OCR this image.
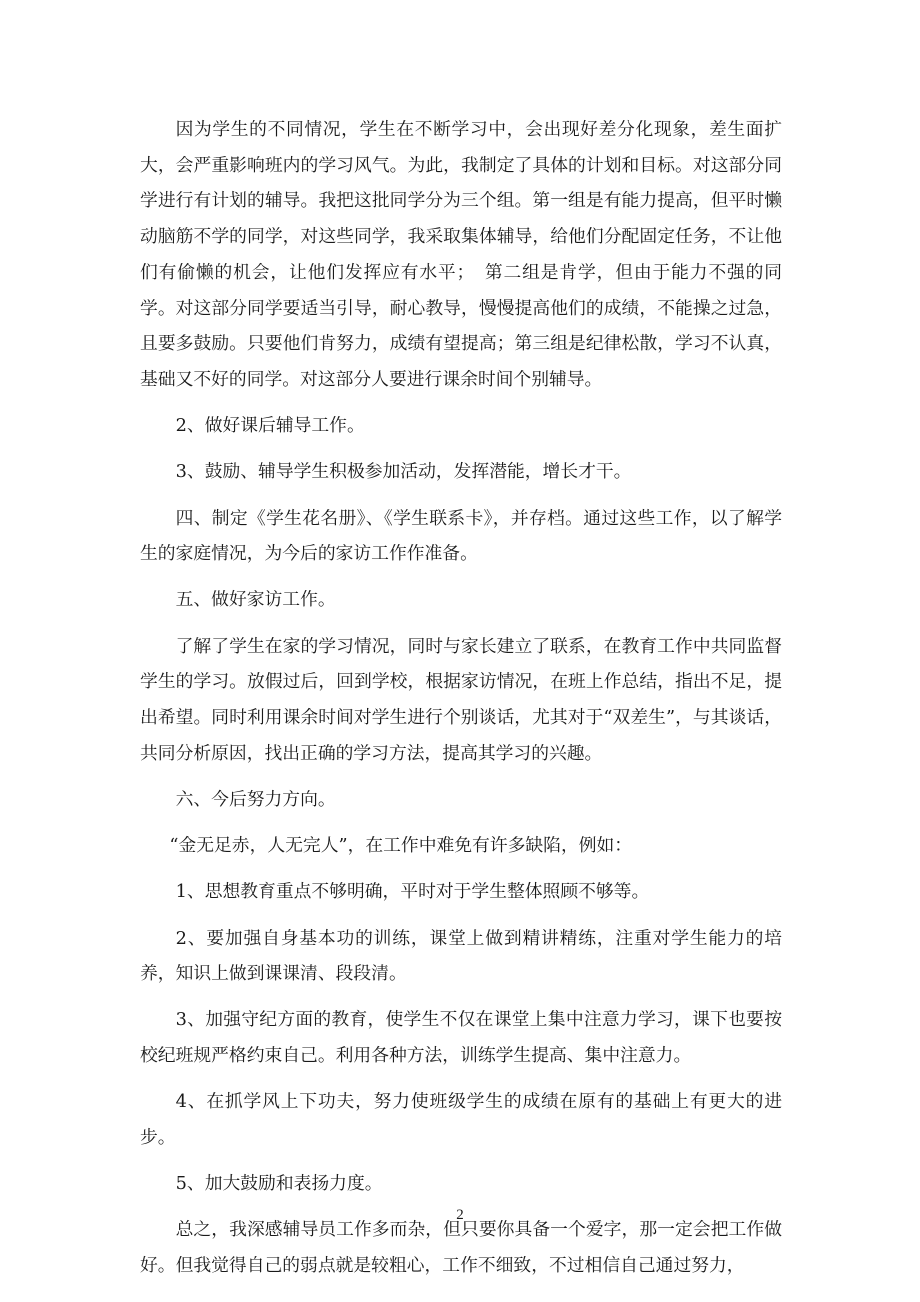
因为学生的不同情况，学生在不断学习中，会出现好差分化现象，差生面扩大，会严重影响班内的学习风气。为此，我制定了具体的计划和目标。对这部分同学进行有计划的辅导。我把这批同学分为三个组。第一组是有能力提高，但平时懒动脑筋不学的同学，对这些同学，我采取集体辅导，给他们分配固定任务，不让他们有偷懒的机会，让他们发挥应有水平；　第二组是肯学，但由于能力不强的同学。对这部分同学要适当引导，耐心教导，慢慢提高他们的成绩，不能操之过急，且要多鼓励。只要他们肯努力，成绩有望提高；第三组是纪律松散，学习不认真，基础又不好的同学。对这部分人要进行课余时间个别辅导。

2、做好课后辅导工作。

3、鼓励、辅导学生积极参加活动，发挥潜能，增长才干。

四、制定《学生花名册》、《学生联系卡》，并存档。通过这些工作，以了解学生的家庭情况，为今后的家访工作作准备。

五、做好家访工作。

了解了学生在家的学习情况，同时与家长建立了联系，在教育工作中共同监督学生的学习。放假过后，回到学校，根据家访情况，在班上作总结，指出不足，提出希望。同时利用课余时间对学生进行个别谈话，尤其对于“双差生”，与其谈话，共同分析原因，找出正确的学习方法，提高其学习的兴趣。

六、今后努力方向。

“金无足赤，人无完人”，在工作中难免有许多缺陷，例如：

1、思想教育重点不够明确，平时对于学生整体照顾不够等。

2、要加强自身基本功的训练，课堂上做到精讲精练，注重对学生能力的培养，知识上做到课课清、段段清。

3、加强守纪方面的教育，使学生不仅在课堂上集中注意力学习，课下也要按校纪班规严格约束自己。利用各种方法，训练学生提高、集中注意力。

4、在抓学风上下功夫，努力使班级学生的成绩在原有的基础上有更大的进步。

5、加大鼓励和表扬力度。

总之，我深感辅导员工作多而杂，但只要你具备一个爱字，那一定会把工作做好。但我觉得自己的弱点就是较粗心，工作不细致，不过相信自己通过努力，

2
